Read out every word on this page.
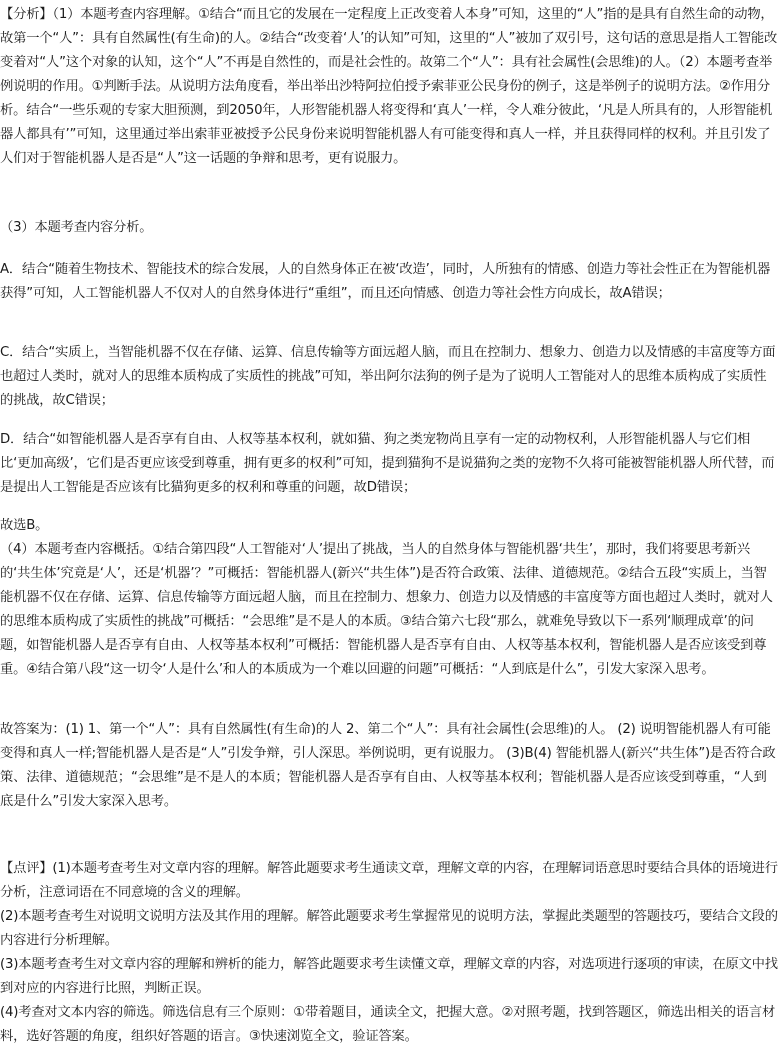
【分析】（1）本题考查内容理解。①结合“而且它的发展在一定程度上正改变着人本身”可知，这里的“人”指的是具有自然生命的动物，故第一个“人”：具有自然属性(有生命)的人。②结合“改变着‘人’的认知”可知，这里的“人”被加了双引号，这句话的意思是指人工智能改变着对“人”这个对象的认知，这个“人”不再是自然性的，而是社会性的。故第二个“人”：具有社会属性(会思维)的人。（2）本题考查举例说明的作用。①判断手法。从说明方法角度看，举出举出沙特阿拉伯授予索菲亚公民身份的例子，这是举例子的说明方法。②作用分析。结合“一些乐观的专家大胆预测，到2050年，人形智能机器人将变得和‘真人’一样，令人难分彼此，‘凡是人所具有的，人形智能机器人都具有’”可知，这里通过举出索菲亚被授予公民身份来说明智能机器人有可能变得和真人一样，并且获得同样的权利。并且引发了人们对于智能机器人是否是“人”这一话题的争辩和思考，更有说服力。

（3）本题考查内容分析。

A．结合“随着生物技术、智能技术的综合发展，人的自然身体正在被‘改造’，同时，人所独有的情感、创造力等社会性正在为智能机器获得”可知，人工智能机器人不仅对人的自然身体进行“重组”，而且还向情感、创造力等社会性方向成长，故A错误；

C．结合“实质上，当智能机器不仅在存储、运算、信息传输等方面远超人脑，而且在控制力、想象力、创造力以及情感的丰富度等方面也超过人类时，就对人的思维本质构成了实质性的挑战”可知，举出阿尔法狗的例子是为了说明人工智能对人的思维本质构成了实质性的挑战，故C错误；

D．结合“如智能机器人是否享有自由、人权等基本权利，就如猫、狗之类宠物尚且享有一定的动物权利，人形智能机器人与它们相比‘更加高级’，它们是否更应该受到尊重，拥有更多的权利”可知，提到猫狗不是说猫狗之类的宠物不久将可能被智能机器人所代替，而是提出人工智能是否应该有比猫狗更多的权利和尊重的问题，故D错误；

故选B。

（4）本题考查内容概括。①结合第四段“人工智能对‘人’提出了挑战，当人的自然身体与智能机器‘共生’，那时，我们将要思考新兴的‘共生体’究竟是‘人’，还是‘机器’？”可概括：智能机器人(新兴“共生体”)是否符合政策、法律、道德规范。②结合五段“实质上，当智能机器不仅在存储、运算、信息传输等方面远超人脑，而且在控制力、想象力、创造力以及情感的丰富度等方面也超过人类时，就对人的思维本质构成了实质性的挑战”可概括：“会思维”是不是人的本质。③结合第六七段“那么，就难免导致以下一系列‘顺理成章’的问题，如智能机器人是否享有自由、人权等基本权利”可概括：智能机器人是否享有自由、人权等基本权利，智能机器人是否应该受到尊重。④结合第八段“这一切令‘人是什么’和人的本质成为一个难以回避的问题”可概括：“人到底是什么”，引发大家深入思考。

故答案为：(1) 1、第一个“人”：具有自然属性(有生命)的人 2、第二个“人”：具有社会属性(会思维)的人。 (2) 说明智能机器人有可能变得和真人一样;智能机器人是否是“人”引发争辩，引人深思。举例说明，更有说服力。 (3)B(4) 智能机器人(新兴“共生体”)是否符合政策、法律、道德规范；“会思维”是不是人的本质；智能机器人是否享有自由、人权等基本权利；智能机器人是否应该受到尊重，“人到底是什么”引发大家深入思考。

【点评】(1)本题考查考生对文章内容的理解。解答此题要求考生通读文章，理解文章的内容，在理解词语意思时要结合具体的语境进行分析，注意词语在不同意境的含义的理解。
(2)本题考查考生对说明文说明方法及其作用的理解。解答此题要求考生掌握常见的说明方法，掌握此类题型的答题技巧，要结合文段的内容进行分析理解。
(3)本题考查考生对文章内容的理解和辨析的能力，解答此题要求考生读懂文章，理解文章的内容，对选项进行逐项的审读，在原文中找到对应的内容进行比照，判断正误。
(4)考查对文本内容的筛选。筛选信息有三个原则：①带着题目，通读全文，把握大意。②对照考题，找到答题区，筛选出相关的语言材料，选好答题的角度，组织好答题的语言。③快速浏览全文，验证答案。
